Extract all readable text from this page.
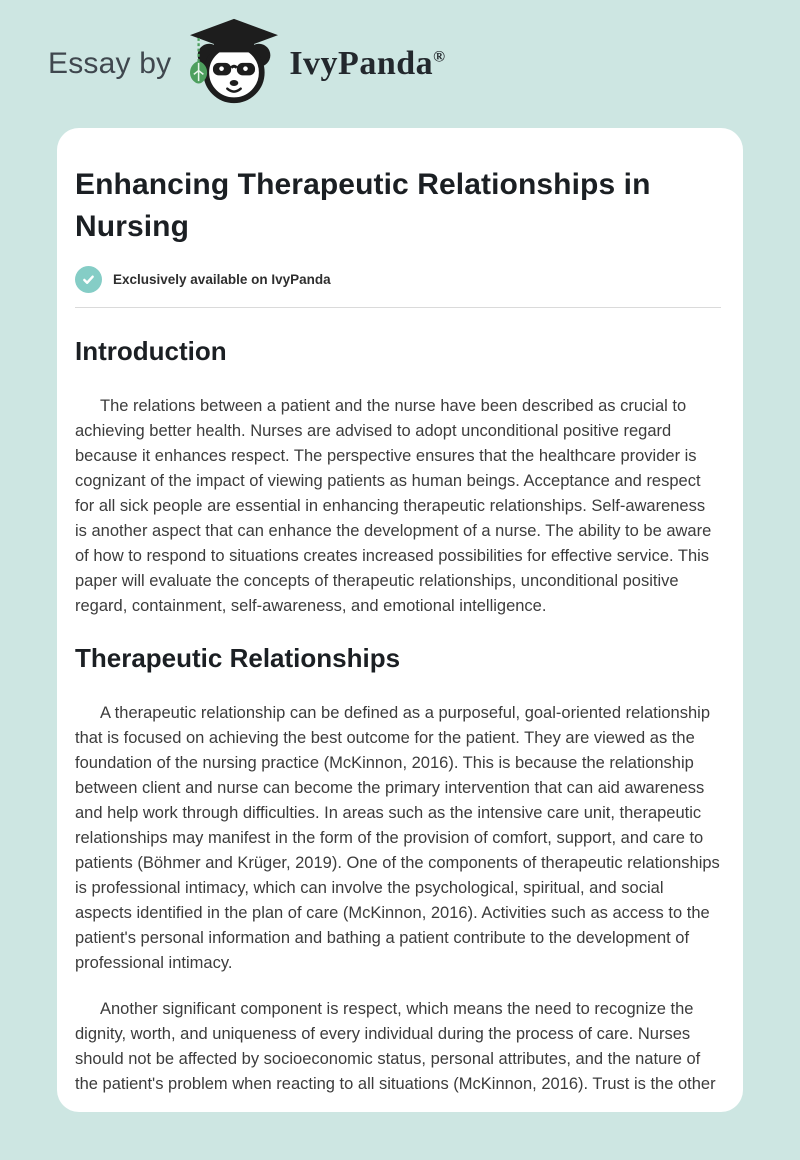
Essay by	IvyPanda®
Enhancing Therapeutic Relationships in Nursing
Exclusively available on IvyPanda
Introduction

The relations between a patient and the nurse have been described as crucial to achieving better health. Nurses are advised to adopt unconditional positive regard because it enhances respect. The perspective ensures that the healthcare provider is cognizant of the impact of viewing patients as human beings. Acceptance and respect for all sick people are essential in enhancing therapeutic relationships. Self-awareness is another aspect that can enhance the development of a nurse. The ability to be aware of how to respond to situations creates increased possibilities for effective service. This paper will evaluate the concepts of therapeutic relationships, unconditional positive regard, containment, self-awareness, and emotional intelligence.

Therapeutic Relationships

A therapeutic relationship can be defined as a purposeful, goal-oriented relationship that is focused on achieving the best outcome for the patient. They are viewed as the foundation of the nursing practice (McKinnon, 2016). This is because the relationship between client and nurse can become the primary intervention that can aid awareness and help work through difficulties. In areas such as the intensive care unit, therapeutic relationships may manifest in the form of the provision of comfort, support, and care to patients (Böhmer and Krüger, 2019). One of the components of therapeutic relationships is professional intimacy, which can involve the psychological, spiritual, and social aspects identified in the plan of care (McKinnon, 2016). Activities such as access to the patient's personal information and bathing a patient contribute to the development of professional intimacy.

Another significant component is respect, which means the need to recognize the dignity, worth, and uniqueness of every individual during the process of care. Nurses should not be affected by socioeconomic status, personal attributes, and the nature of the patient's problem when reacting to all situations (McKinnon, 2016). Trust is the other
